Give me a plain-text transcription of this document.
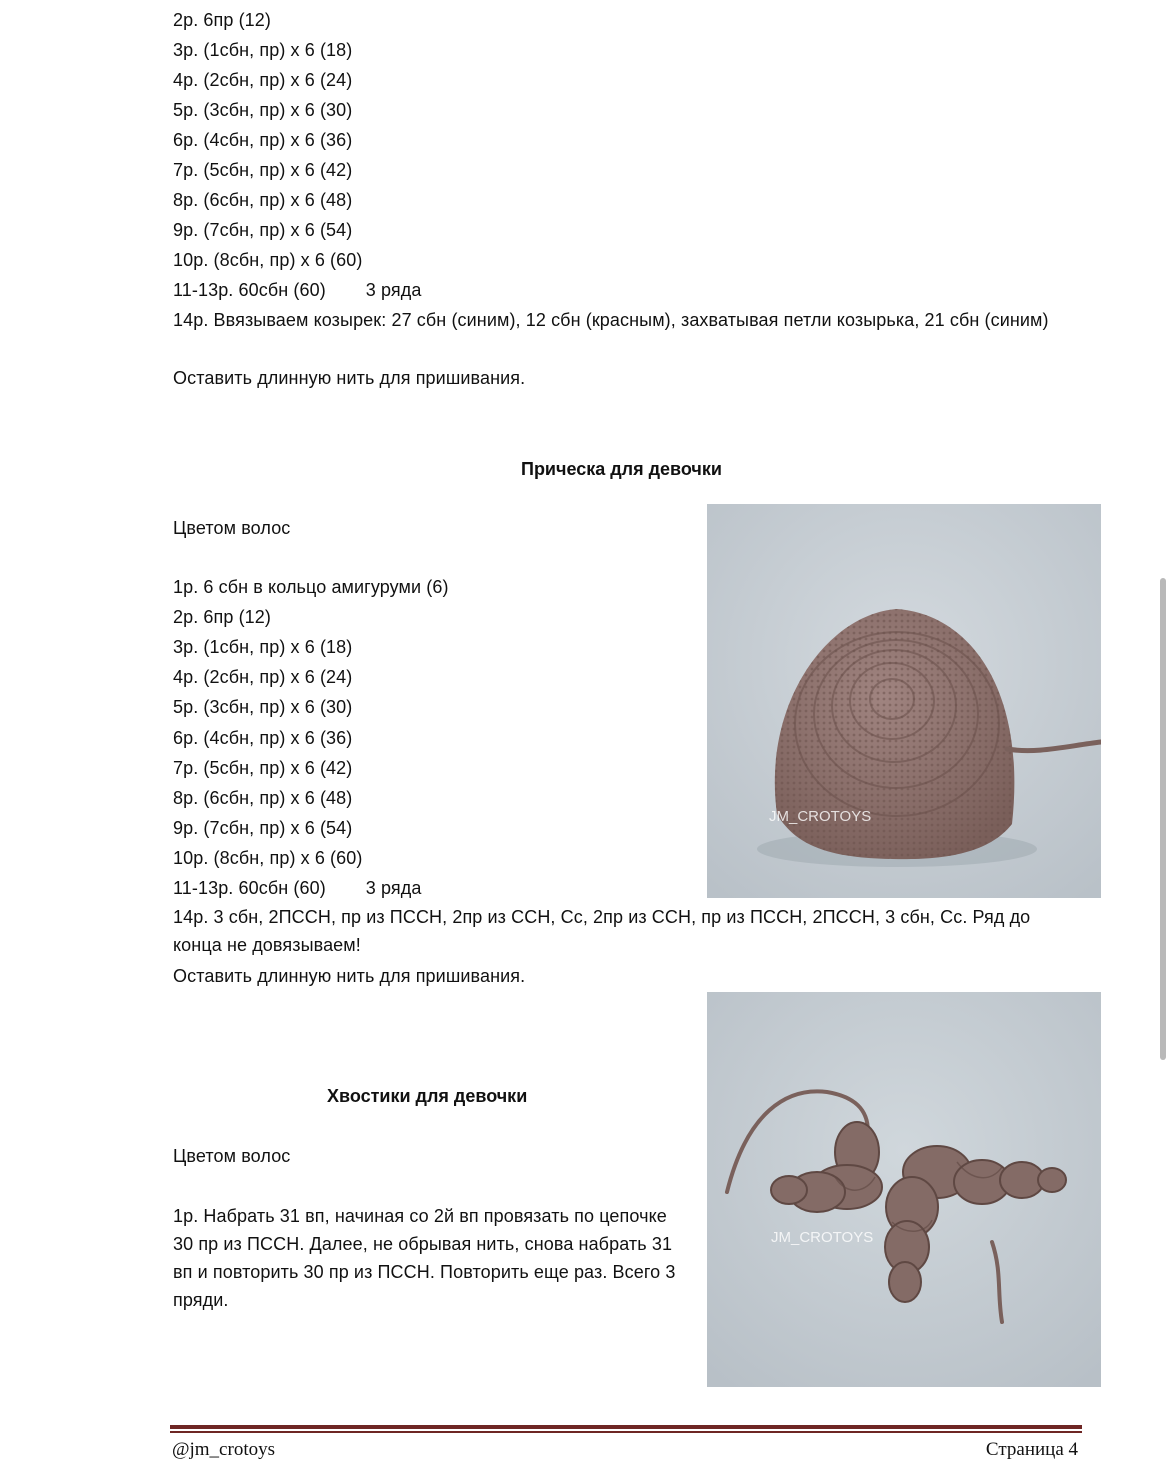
2р. 6пр (12)
3р. (1сбн, пр) х 6 (18)
4р. (2сбн, пр) х 6 (24)
5р. (3сбн, пр) х 6 (30)
6р. (4сбн, пр) х 6 (36)
7р. (5сбн, пр) х 6 (42)
8р. (6сбн, пр) х 6 (48)
9р. (7сбн, пр) х 6 (54)
10р. (8сбн, пр) х 6 (60)
11-13р. 60сбн (60) 3 ряда
14р. Ввязываем козырек: 27 сбн (синим), 12 сбн (красным), захватывая петли козырька, 21 сбн (синим)
Оставить длинную нить для пришивания.
Прическа для девочки
Цветом волос
1р. 6 сбн в кольцо амигуруми (6)
2р. 6пр (12)
3р. (1сбн, пр) х 6 (18)
4р. (2сбн, пр) х 6 (24)
5р. (3сбн, пр) х 6 (30)
6р. (4сбн, пр) х 6 (36)
7р. (5сбн, пр) х 6 (42)
8р. (6сбн, пр) х 6 (48)
9р. (7сбн, пр) х 6 (54)
10р. (8сбн, пр) х 6 (60)
11-13р. 60сбн (60) 3 ряда
14р. 3 сбн, 2ПССН, пр из ПССН, 2пр из ССН, Сс, 2пр из ССН, пр из ПССН, 2ПССН, 3 сбн, Сс. Ряд до конца не довязываем!
Оставить длинную нить для пришивания.
JM_CROTOYS
Хвостики для девочки
Цветом волос
1р. Набрать 31 вп, начиная со 2й вп провязать по цепочке 30 пр из ПССН. Далее, не обрывая нить, снова набрать 31 вп и повторить 30 пр из ПССН. Повторить еще раз. Всего 3 пряди.
JM_CROTOYS
@jm_crotoys	Страница 4
